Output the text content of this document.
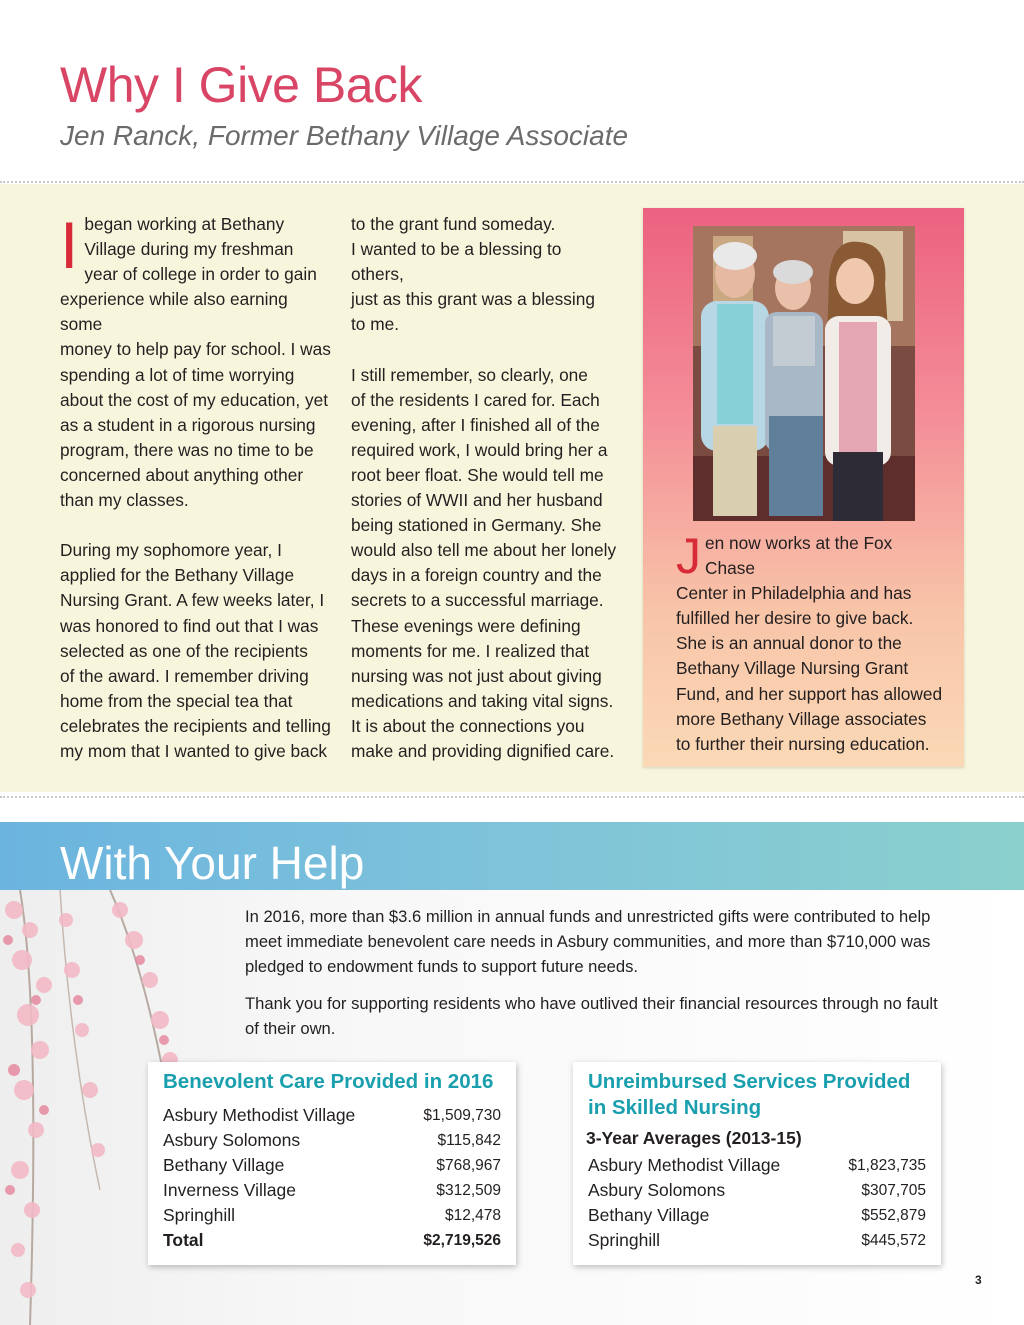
Why I Give Back
Jen Ranck, Former Bethany Village Associate
I began working at Bethany

Village during my freshman

year of college in order to gain

experience while also earning some

money to help pay for school. I was

spending a lot of time worrying

about the cost of my education, yet

as a student in a rigorous nursing

program, there was no time to be

concerned about anything other

than my classes.

During my sophomore year, I

applied for the Bethany Village

Nursing Grant. A few weeks later, I

was honored to find out that I was

selected as one of the recipients

of the award. I remember driving

home from the special tea that

celebrates the recipients and telling

my mom that I wanted to give back

to the grant fund someday.

I wanted to be a blessing to others,

just as this grant was a blessing

to me.

I still remember, so clearly, one

of the residents I cared for. Each

evening, after I finished all of the

required work, I would bring her a

root beer float. She would tell me

stories of WWII and her husband

being stationed in Germany. She

would also tell me about her lonely

days in a foreign country and the

secrets to a successful marriage.

These evenings were defining

moments for me. I realized that

nursing was not just about giving

medications and taking vital signs.

It is about the connections you

make and providing dignified care.

J en now works at the Fox Chase

Center in Philadelphia and has

fulfilled her desire to give back.

She is an annual donor to the

Bethany Village Nursing Grant

Fund, and her support has allowed

more Bethany Village associates

to further their nursing education.

With Your Help

In 2016, more than $3.6 million in annual funds and unrestricted gifts were contributed to help meet immediate benevolent care needs in Asbury communities, and more than $710,000 was pledged to endowment funds to support future needs.

Thank you for supporting residents who have outlived their financial resources through no fault of their own.

Benevolent Care Provided in 2016
Asbury Methodist Village	$1,509,730
Asbury Solomons	$115,842
Bethany Village	$768,967
Inverness Village	$312,509
Springhill	$12,478
Total	$2,719,526
Unreimbursed Services Provided in Skilled Nursing
3-Year Averages (2013-15)
Asbury Methodist Village	$1,823,735
Asbury Solomons	$307,705
Bethany Village	$552,879
Springhill	$445,572
3
